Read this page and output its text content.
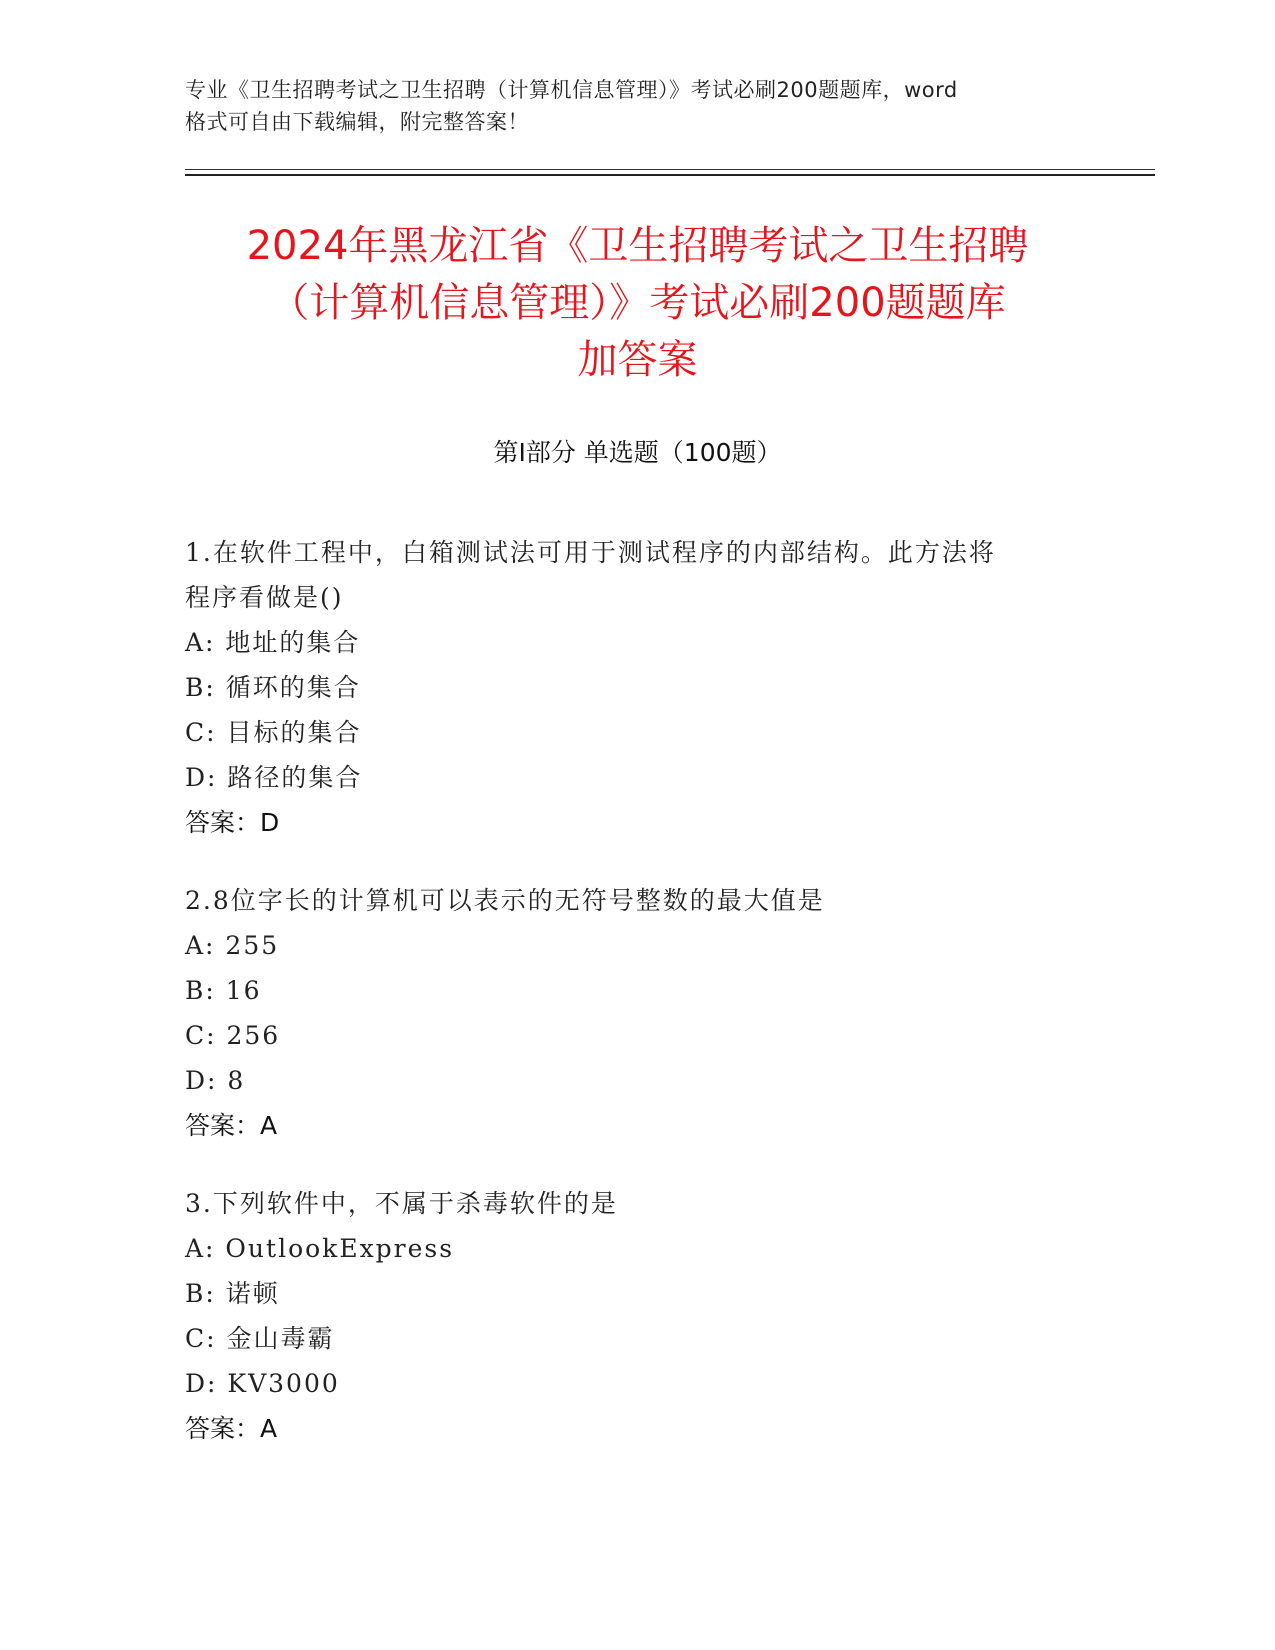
专业《卫生招聘考试之卫生招聘（计算机信息管理）》考试必刷200题题库，word
格式可自由下载编辑，附完整答案！
2024年黑龙江省《卫生招聘考试之卫生招聘
（计算机信息管理）》考试必刷200题题库
加答案
第I部分 单选题（100题）
1.在软件工程中，白箱测试法可用于测试程序的内部结构。此方法将
程序看做是()
A: 地址的集合
B: 循环的集合
C: 目标的集合
D: 路径的集合
答案：D
2.8位字长的计算机可以表示的无符号整数的最大值是
A: 255
B: 16
C: 256
D: 8
答案：A
3.下列软件中，不属于杀毒软件的是
A: OutlookExpress
B: 诺顿
C: 金山毒霸
D: KV3000
答案：A
